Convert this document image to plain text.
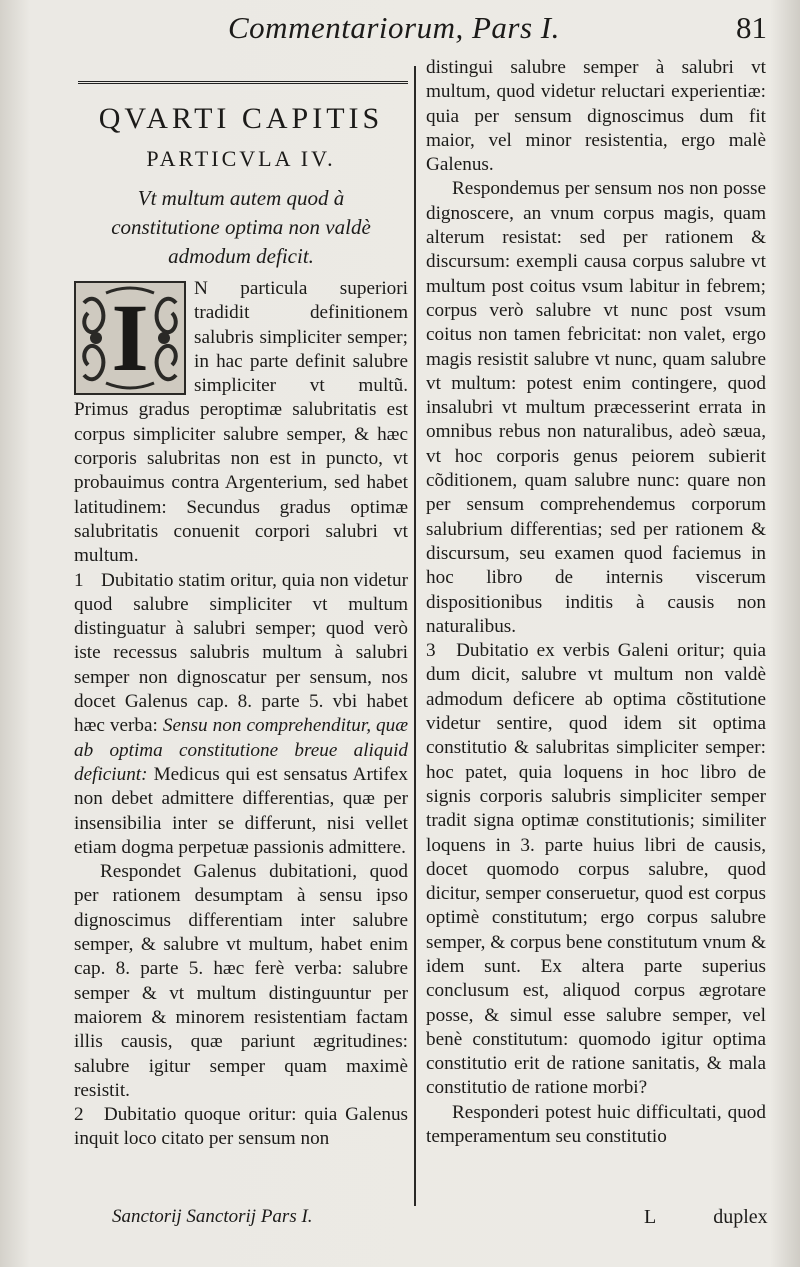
Commentariorum, Pars I.	81
QVARTI CAPITIS
PARTICVLA IV.
Vt multum autem quod à constitutione optima non valdè admodum deficit.
I	N particula superiori tradidit definitionem salubris simpliciter semper; in hac parte definit salubre simpliciter vt multũ. Primus gradus peroptimæ salubritatis est corpus simpliciter salubre semper, & hæc corporis salubritas non est in puncto, vt probauimus contra Argenterium, sed habet latitudinem: Secundus gradus optimæ salubritatis conuenit corpori salubri vt multum.

1 Dubitatio statim oritur, quia non videtur quod salubre simpliciter vt multum distinguatur à salubri semper; quod verò iste recessus salubris multum à salubri semper non dignoscatur per sensum, nos docet Galenus cap. 8. parte 5. vbi habet hæc verba: Sensu non comprehenditur, quæ ab optima constitutione breue aliquid deficiunt: Medicus qui est sensatus Artifex non debet admittere differentias, quæ per insensibilia inter se differunt, nisi vellet etiam dogma perpetuæ passionis admittere.

Respondet Galenus dubitationi, quod per rationem desumptam à sensu ipso dignoscimus differentiam inter salubre semper, & salubre vt multum, habet enim cap. 8. parte 5. hæc ferè verba: salubre semper & vt multum distinguuntur per maiorem & minorem resistentiam factam illis causis, quæ pariunt ægritudines: salubre igitur semper quam maximè resistit.

2 Dubitatio quoque oritur: quia Galenus inquit loco citato per sensum non

distingui salubre semper à salubri vt multum, quod videtur reluctari experientiæ: quia per sensum dignoscimus dum fit maior, vel minor resistentia, ergo malè Galenus.

Respondemus per sensum nos non posse dignoscere, an vnum corpus magis, quam alterum resistat: sed per rationem & discursum: exempli causa corpus salubre vt multum post coitus vsum labitur in febrem; corpus verò salubre vt nunc post vsum coitus non tamen febricitat: non valet, ergo magis resistit salubre vt nunc, quam salubre vt multum: potest enim contingere, quod insalubri vt multum præcesserint errata in omnibus rebus non naturalibus, adeò sæua, vt hoc corporis genus peiorem subierit cõditionem, quam salubre nunc: quare non per sensum comprehendemus corporum salubrium differentias; sed per rationem & discursum, seu examen quod faciemus in hoc libro de internis viscerum dispositionibus inditis à causis non naturalibus.

3 Dubitatio ex verbis Galeni oritur; quia dum dicit, salubre vt multum non valdè admodum deficere ab optima cõstitutione videtur sentire, quod idem sit optima constitutio & salubritas simpliciter semper: hoc patet, quia loquens in hoc libro de signis corporis salubris simpliciter semper tradit signa optimæ constitutionis; similiter loquens in 3. parte huius libri de causis, docet quomodo corpus salubre, quod dicitur, semper conseruetur, quod est corpus optimè constitutum; ergo corpus salubre semper, & corpus bene constitutum vnum & idem sunt. Ex altera parte superius conclusum est, aliquod corpus ægrotare posse, & simul esse salubre semper, vel benè constitutum: quomodo igitur optima constitutio erit de ratione sanitatis, & mala constitutio de ratione morbi?

Responderi potest huic difficultati, quod temperamentum seu constitutio

Sanctorij Sanctorij Pars I.	L	duplex
